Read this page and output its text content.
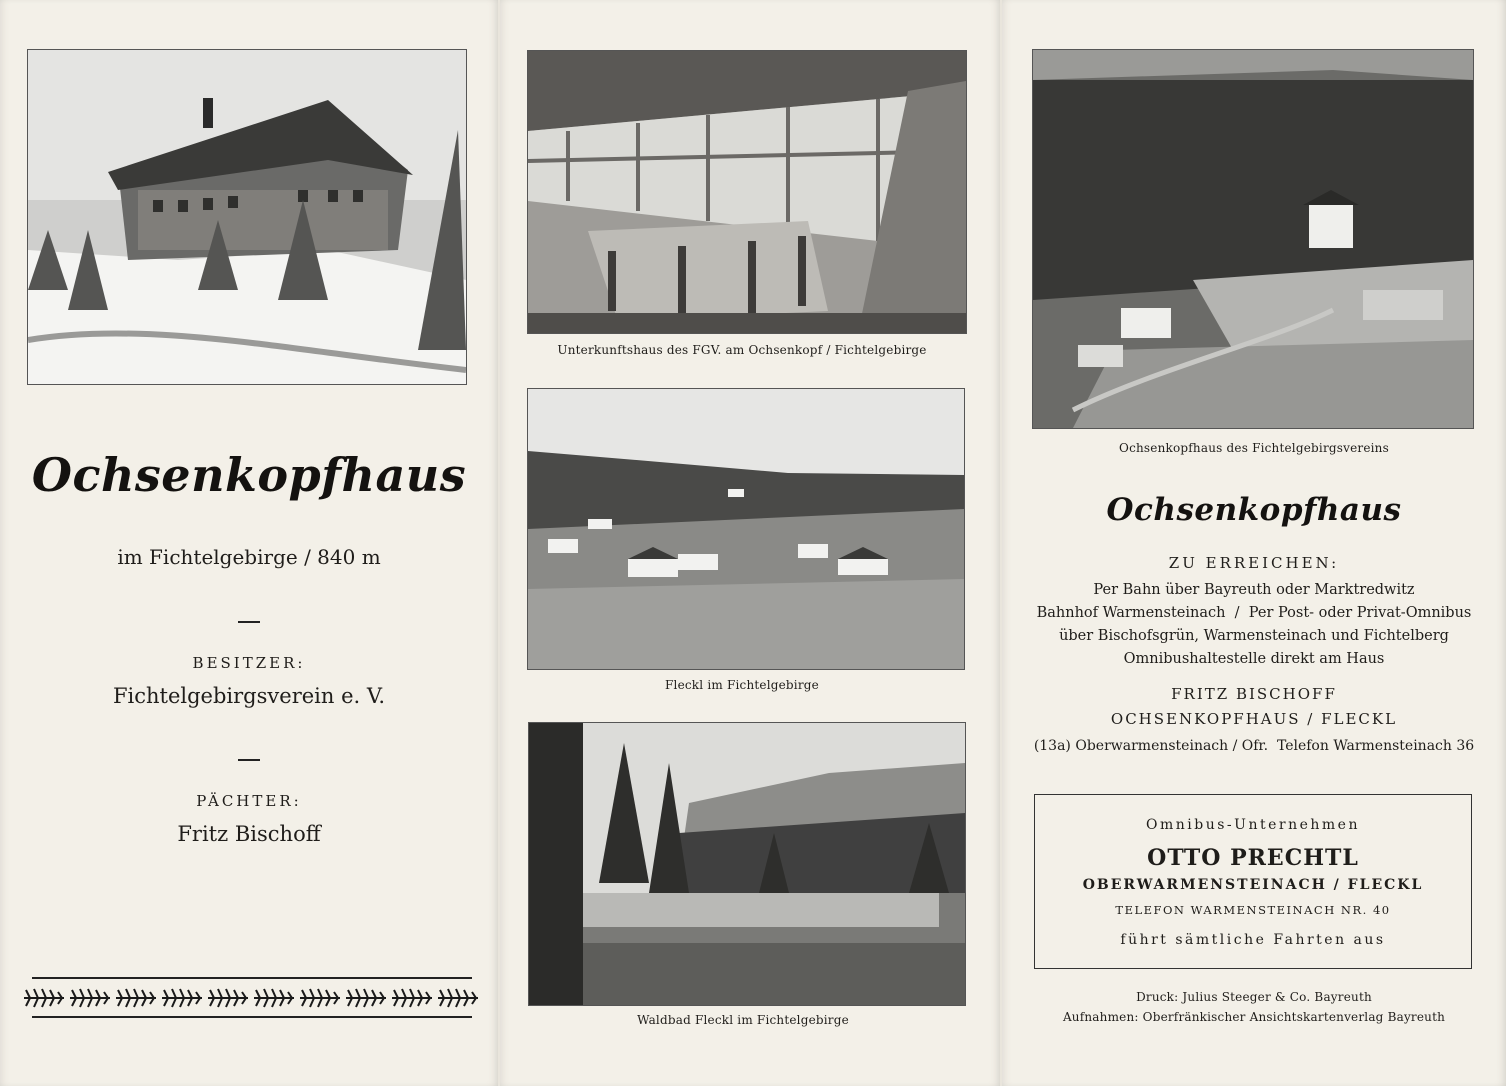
Ochsenkopfhaus
im Fichtelgebirge / 840 m
BESITZER:
Fichtelgebirgsverein e. V.
PÄCHTER:
Fritz Bischoff
Unterkunftshaus des FGV. am Ochsenkopf / Fichtelgebirge
Fleckl im Fichtelgebirge
Waldbad Fleckl im Fichtelgebirge
Ochsenkopfhaus des Fichtelgebirgsvereins
Ochsenkopfhaus
ZU ERREICHEN:
Per Bahn über Bayreuth oder Marktredwitz
Bahnhof Warmensteinach  /  Per Post- oder Privat-Omnibus
über Bischofsgrün, Warmensteinach und Fichtelberg
Omnibushaltestelle direkt am Haus
FRITZ BISCHOFF
OCHSENKOPFHAUS / FLECKL
(13a) Oberwarmensteinach / Ofr.  Telefon Warmensteinach 36
Druck: Julius Steeger & Co. Bayreuth
Aufnahmen: Oberfränkischer Ansichtskartenverlag Bayreuth
Omnibus-Unternehmen
OTTO PRECHTL
OBERWARMENSTEINACH / FLECKL
TELEFON WARMENSTEINACH NR. 40
führt sämtliche Fahrten aus
